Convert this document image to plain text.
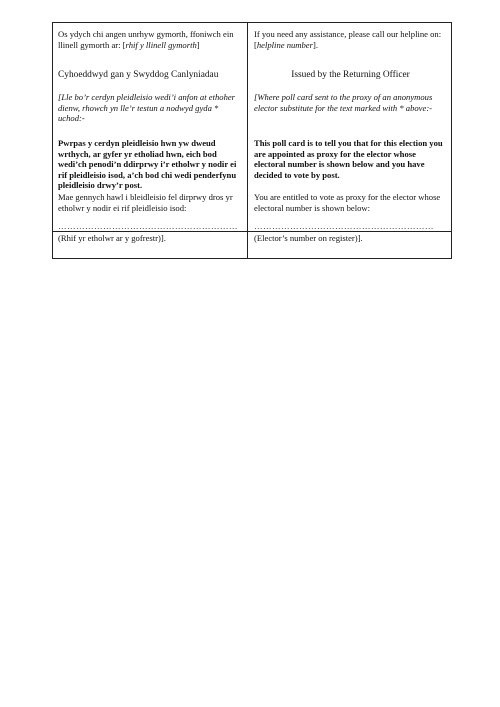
Os ydych chi angen unrhyw gymorth, ffoniwch ein llinell gymorth ar: [rhif y llinell gymorth]

Cyhoeddwyd gan y Swyddog Canlyniadau

[Lle bo’r cerdyn pleidleisio wedi’i anfon at ethoher dienw, rhowch yn lle’r testun a nodwyd gyda * uchod:-

Pwrpas y cerdyn pleidleisio hwn yw dweud wrthych, ar gyfer yr etholiad hwn, eich bod wedi’ch penodi’n ddirprwy i’r etholwr y nodir ei rif pleidleisio isod, a’ch bod chi wedi penderfynu pleidleisio drwy’r post.

Mae gennych hawl i bleidleisio fel dirprwy dros yr etholwr y nodir ei rif pleidleisio isod:

……………………………………………………

(Rhif yr etholwr ar y gofrestr)].

If you need any assistance, please call our helpline on: [helpline number].

Issued by the Returning Officer

[Where poll card sent to the proxy of an anonymous elector substitute for the text marked with * above:-

This poll card is to tell you that for this election you are appointed as proxy for the elector whose electoral number is shown below and you have decided to vote by post.

You are entitled to vote as proxy for the elector whose electoral number is shown below:

……………………………………………………

(Elector’s number on register)].
